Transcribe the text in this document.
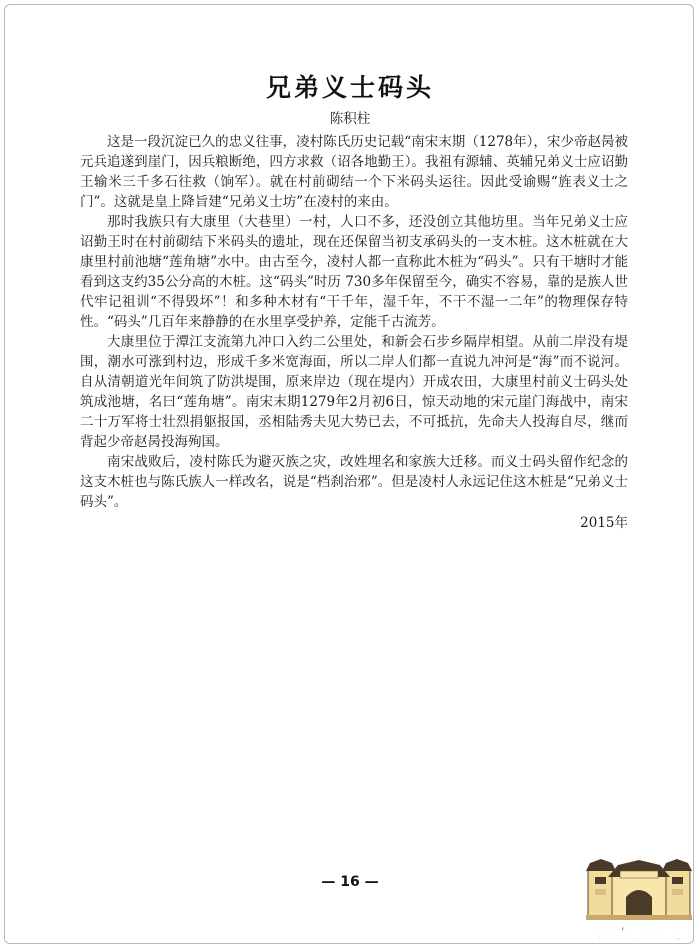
兄弟义士码头
陈积柱

这是一段沉淀已久的忠义往事，凌村陈氏历史记载“南宋末期（1278年），宋少帝赵昺被元兵追遂到崖门，因兵粮断绝，四方求救（诏各地勤王）。我祖有源辅、英辅兄弟义士应诏勤王输米三千多石往救（饷军）。就在村前砌结一个下米码头运往。因此受谕赐“旌表义士之门”。这就是皇上降旨建“兄弟义士坊”在凌村的来由。

那时我族只有大康里（大巷里）一村，人口不多，还没创立其他坊里。当年兄弟义士应诏勤王时在村前砌结下米码头的遗址，现在还保留当初支承码头的一支木桩。这木桩就在大康里村前池塘“莲角塘”水中。由古至今，凌村人都一直称此木桩为“码头”。只有干塘时才能看到这支约35公分高的木桩。这“码头”时历 730多年保留至今，确实不容易，靠的是族人世代牢记祖训“不得毁坏”！和多种木材有“干千年，湿千年，不干不湿一二年”的物理保存特性。“码头”几百年来静静的在水里享受护养，定能千古流芳。

大康里位于潭江支流第九冲口入约二公里处，和新会石步乡隔岸相望。从前二岸没有堤围，潮水可涨到村边，形成千多米宽海面，所以二岸人们都一直说九冲河是“海”而不说河。自从清朝道光年间筑了防洪堤围，原来岸边（现在堤内）开成农田，大康里村前义士码头处筑成池塘，名曰“莲角塘”。南宋末期1279年2月初6日，惊天动地的宋元崖门海战中，南宋二十万军将士壮烈捐躯报国，丞相陆秀夫见大势已去，不可抵抗，先命夫人投海自尽，继而背起少帝赵昺投海殉国。

南宋战败后，凌村陈氏为避灭族之灾，改姓埋名和家族大迁移。而义士码头留作纪念的这支木桩也与陈氏族人一样改名，说是“档刹治邪”。但是凌村人永远记住这木桩是“兄弟义士码头”。

2015年
— 16 —
凌村陈氏
